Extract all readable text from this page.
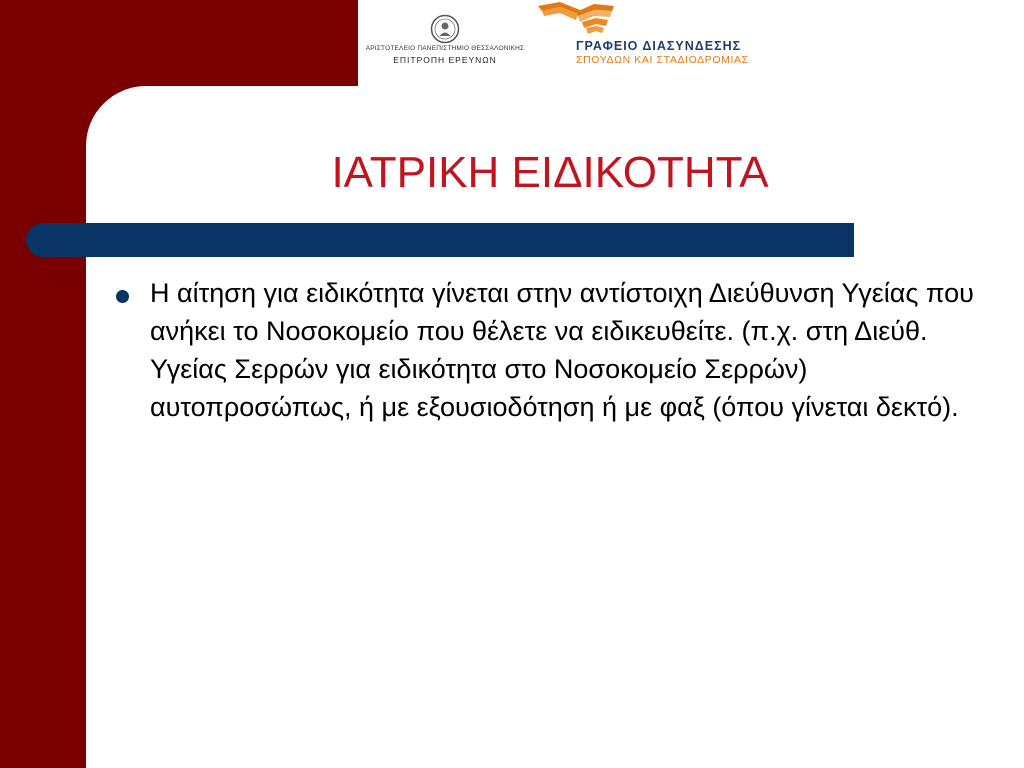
ΑΡΙΣΤΟΤΕΛΕΙΟ ΠΑΝΕΠΙΣΤΗΜΙΟ ΘΕΣΣΑΛΟΝΙΚΗΣ
ΕΠΙΤΡΟΠΗ ΕΡΕΥΝΩΝ
ΓΡΑΦΕΙΟ ΔΙΑΣΥΝΔΕΣΗΣ
ΣΠΟΥΔΩΝ ΚΑΙ ΣΤΑΔΙΟΔΡΟΜΙΑΣ
ΙΑΤΡΙΚΗ ΕΙΔΙΚΟΤΗΤΑ
Η αίτηση για ειδικότητα γίνεται στην αντίστοιχη Διεύθυνση Υγείας που ανήκει το Νοσοκομείο που θέλετε να ειδικευθείτε. (π.χ. στη Διεύθ. Υγείας Σερρών για ειδικότητα στο Νοσοκομείο Σερρών) αυτοπροσώπως, ή με εξουσιοδότηση ή με φαξ (όπου γίνεται δεκτό).
